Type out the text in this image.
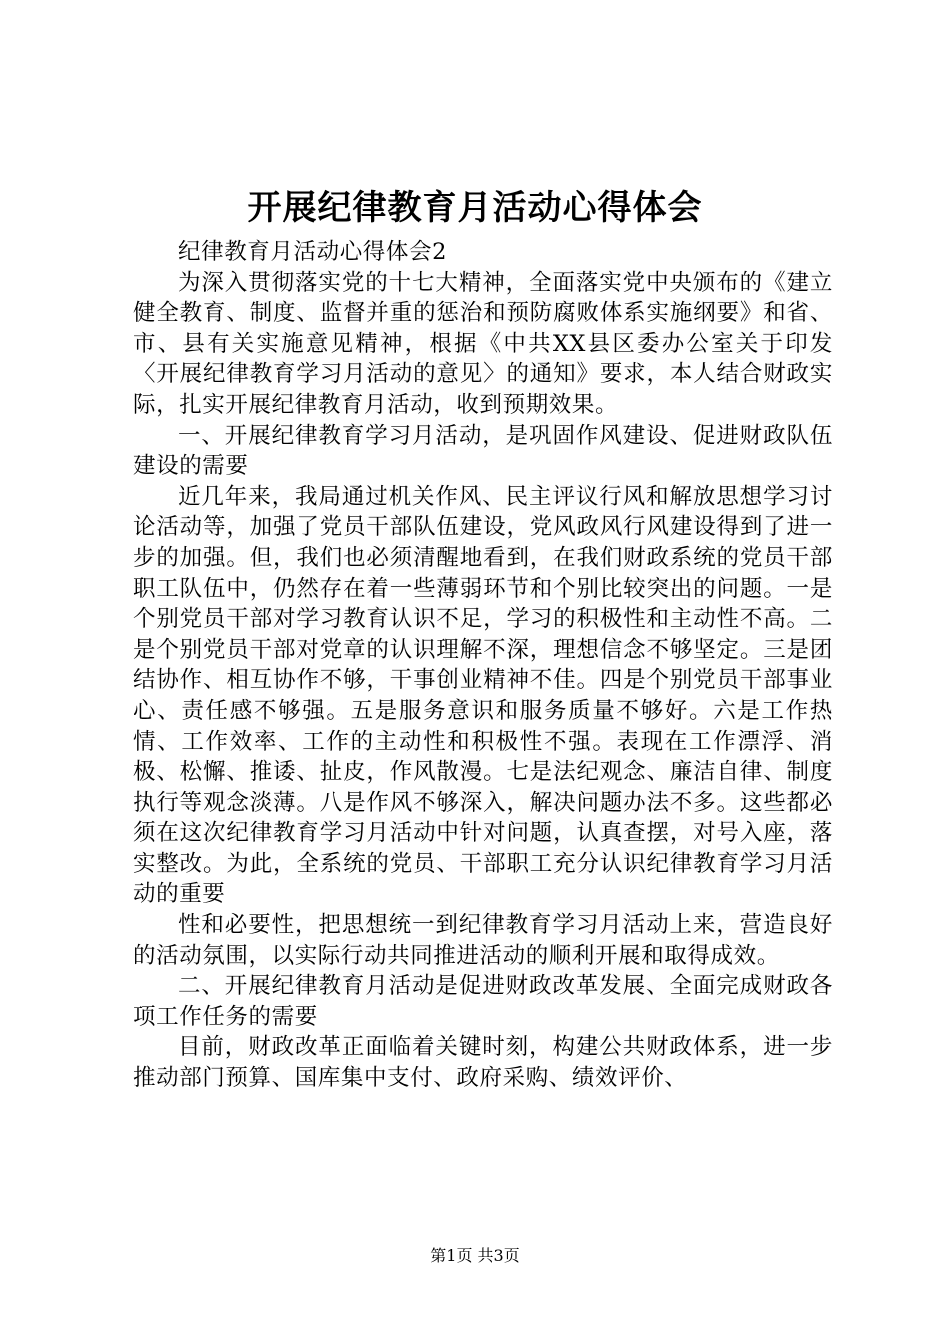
开展纪律教育月活动心得体会

纪律教育月活动心得体会2

为深入贯彻落实党的十七大精神，全面落实党中央颁布的《建立健全教育、制度、监督并重的惩治和预防腐败体系实施纲要》和省、市、县有关实施意见精神，根据《中共XX县区委办公室关于印发〈开展纪律教育学习月活动的意见〉的通知》要求，本人结合财政实际，扎实开展纪律教育月活动，收到预期效果。

一、开展纪律教育学习月活动，是巩固作风建设、促进财政队伍建设的需要

近几年来，我局通过机关作风、民主评议行风和解放思想学习讨论活动等，加强了党员干部队伍建设，党风政风行风建设得到了进一步的加强。但，我们也必须清醒地看到，在我们财政系统的党员干部职工队伍中，仍然存在着一些薄弱环节和个别比较突出的问题。一是个别党员干部对学习教育认识不足，学习的积极性和主动性不高。二是个别党员干部对党章的认识理解不深，理想信念不够坚定。三是团结协作、相互协作不够，干事创业精神不佳。四是个别党员干部事业心、责任感不够强。五是服务意识和服务质量不够好。六是工作热情、工作效率、工作的主动性和积极性不强。表现在工作漂浮、消极、松懈、推诿、扯皮，作风散漫。七是法纪观念、廉洁自律、制度执行等观念淡薄。八是作风不够深入，解决问题办法不多。这些都必须在这次纪律教育学习月活动中针对问题，认真查摆，对号入座，落实整改。为此，全系统的党员、干部职工充分认识纪律教育学习月活动的重要

性和必要性，把思想统一到纪律教育学习月活动上来，营造良好的活动氛围，以实际行动共同推进活动的顺利开展和取得成效。

二、开展纪律教育月活动是促进财政改革发展、全面完成财政各项工作任务的需要

目前，财政改革正面临着关键时刻，构建公共财政体系，进一步推动部门预算、国库集中支付、政府采购、绩效评价、

第1页 共3页
